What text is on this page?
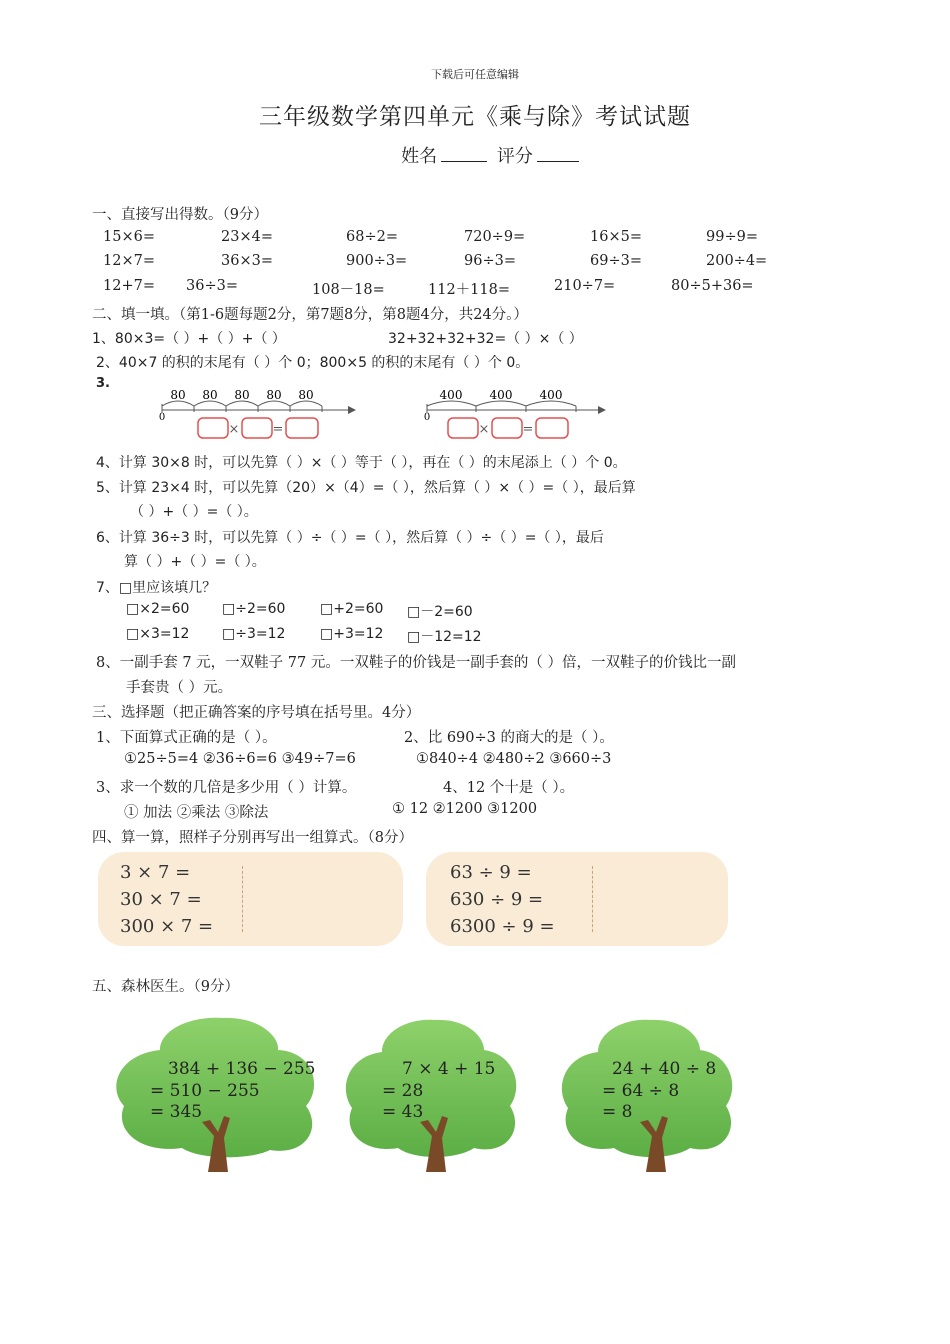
下载后可任意编辑
三年级数学第四单元《乘与除》考试试题
姓名	评分
一、直接写出得数。（9分）
15×6=	23×4=	68÷2=	720÷9=	16×5=	99÷9=
12×7=	36×3=	900÷3=	96÷3=	69÷3=	200÷4=
12+7= 36÷3=	108－18=	112＋118=	210÷7=	80÷5+36=
二、填一填。（第1-6题每题2分，第7题8分，第8题4分，共24分。）
1、80×3=（ ）+（ ）+（ ）	32+32+32+32=（ ）×（ ）
2、40×7 的积的末尾有（ ）个 0；800×5 的积的末尾有（ ）个 0。
3.
80 80 80 80 80
0
×	=
400 400 400
0
×	=
4、计算 30×8 时，可以先算（ ）×（ ）等于（ ），再在（ ）的末尾添上（ ）个 0。
5、计算 23×4 时，可以先算（20）×（4）=（ ），然后算（ ）×（ ）=（ ），最后算
（ ）+（ ）=（ ）。
6、计算 36÷3 时，可以先算（ ）÷（ ）=（ ），然后算（ ）÷（ ）=（ ），最后
算（ ）+（ ）=（ ）。
7、□里应该填几？
□×2=60 □÷2=60 □+2=60 □－2=60
□×3=12 □÷3=12 □+3=12 □－12=12
8、一副手套 7 元，一双鞋子 77 元。一双鞋子的价钱是一副手套的（ ）倍，一双鞋子的价钱比一副
手套贵（ ）元。
三、选择题（把正确答案的序号填在括号里。4分）
1、下面算式正确的是（ ）。	2、比 690÷3 的商大的是（ ）。
①25÷5=4 ②36÷6=6 ③49÷7=6	①840÷4 ②480÷2 ③660÷3
3、求一个数的几倍是多少用（ ）计算。	4、12 个十是（ ）。
① 加法 ②乘法 ③除法	① 12 ②1200 ③1200
四、算一算，照样子分别再写出一组算式。（8分）
3 × 7 =
30 × 7 =
300 × 7 =
63 ÷ 9 =
630 ÷ 9 =
6300 ÷ 9 =
五、森林医生。（9分）
384 + 136 − 255
= 510 − 255
= 345
7 × 4 + 15
= 28
= 43
24 + 40 ÷ 8
= 64 ÷ 8
= 8
